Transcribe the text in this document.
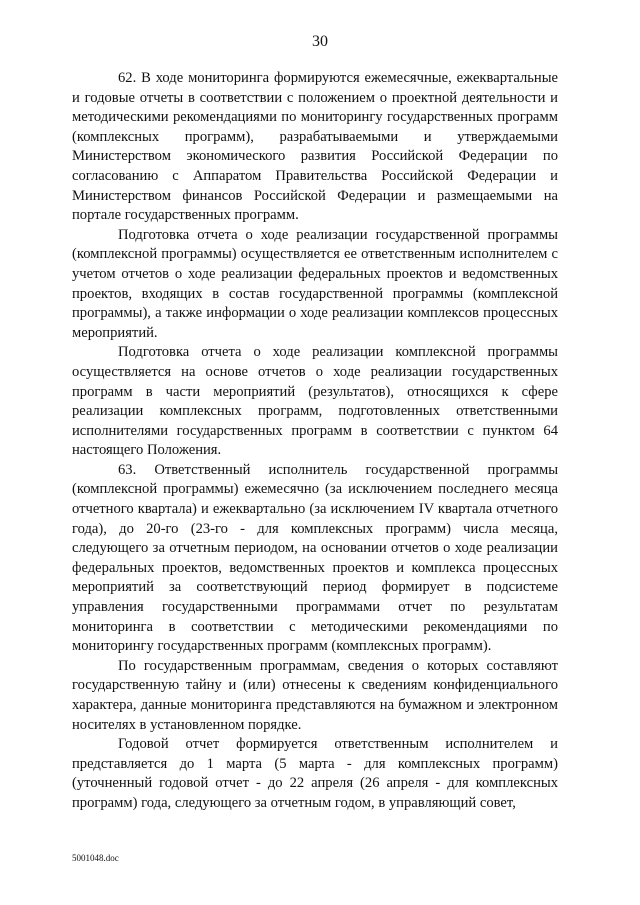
30

62. В ходе мониторинга формируются ежемесячные, ежеквартальные и годовые отчеты в соответствии с положением о проектной деятельности и методическими рекомендациями по мониторингу государственных программ (комплексных программ), разрабатываемыми и утверждаемыми Министерством экономического развития Российской Федерации по согласованию с Аппаратом Правительства Российской Федерации и Министерством финансов Российской Федерации и размещаемыми на портале государственных программ.

Подготовка отчета о ходе реализации государственной программы (комплексной программы) осуществляется ее ответственным исполнителем с учетом отчетов о ходе реализации федеральных проектов и ведомственных проектов, входящих в состав государственной программы (комплексной программы), а также информации о ходе реализации комплексов процессных мероприятий.

Подготовка отчета о ходе реализации комплексной программы осуществляется на основе отчетов о ходе реализации государственных программ в части мероприятий (результатов), относящихся к сфере реализации комплексных программ, подготовленных ответственными исполнителями государственных программ в соответствии с пунктом 64 настоящего Положения.

63. Ответственный исполнитель государственной программы (комплексной программы) ежемесячно (за исключением последнего месяца отчетного квартала) и ежеквартально (за исключением IV квартала отчетного года), до 20-го (23-го - для комплексных программ) числа месяца, следующего за отчетным периодом, на основании отчетов о ходе реализации федеральных проектов, ведомственных проектов и комплекса процессных мероприятий за соответствующий период формирует в подсистеме управления государственными программами отчет по результатам мониторинга в соответствии с методическими рекомендациями по мониторингу государственных программ (комплексных программ).

По государственным программам, сведения о которых составляют государственную тайну и (или) отнесены к сведениям конфиденциального характера, данные мониторинга представляются на бумажном и электронном носителях в установленном порядке.

Годовой отчет формируется ответственным исполнителем и представляется до 1 марта (5 марта - для комплексных программ) (уточненный годовой отчет - до 22 апреля (26 апреля - для комплексных программ) года, следующего за отчетным годом, в управляющий совет,

5001048.doc
